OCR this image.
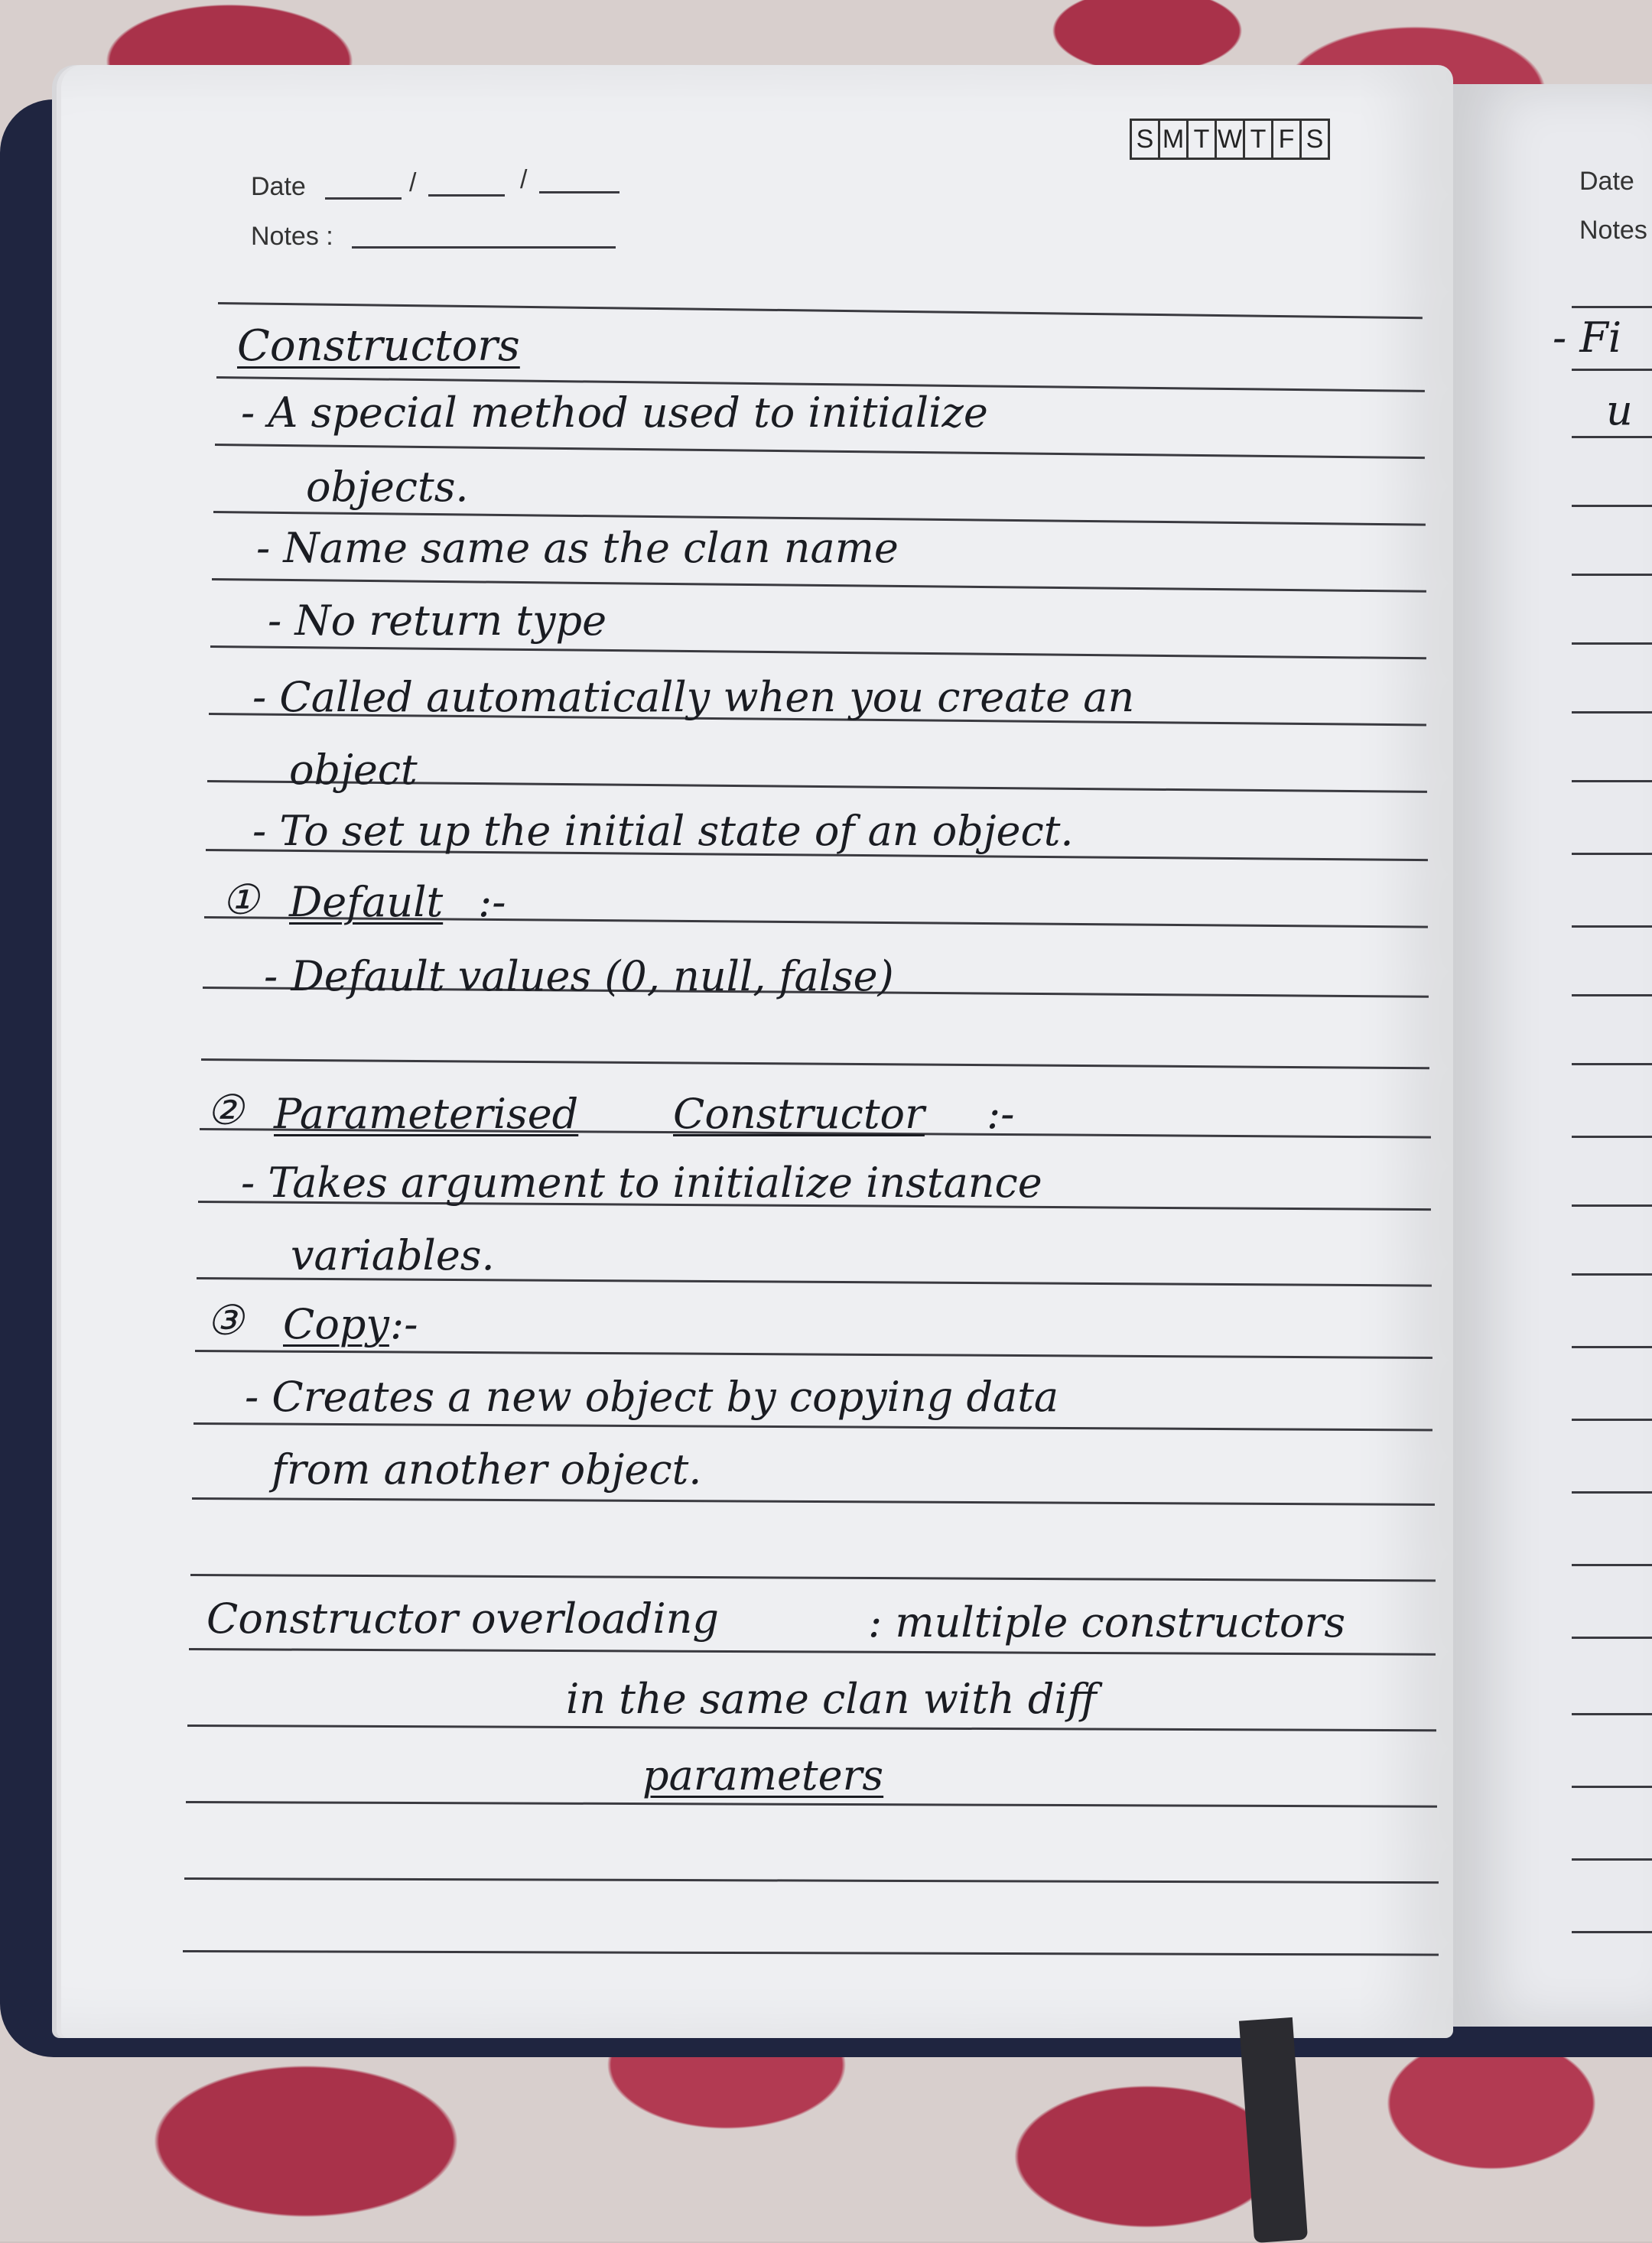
S M T W T F S
Date	/	/
Notes :
Date
Notes
Constructors
- A special method used to initialize
objects.
- Name same as the clan name
- No return type
- Called automatically when you create an
object
- To set up the initial state of an object.
① Default :-
- Default values (0, null, false)
② Parameterised Constructor :-
- Takes argument to initialize instance
variables.
③ Copy :-
- Creates a new object by copying data
from another object.
Constructor overloading	: multiple constructors
in the same clan with diff
parameters
- Fi
u
